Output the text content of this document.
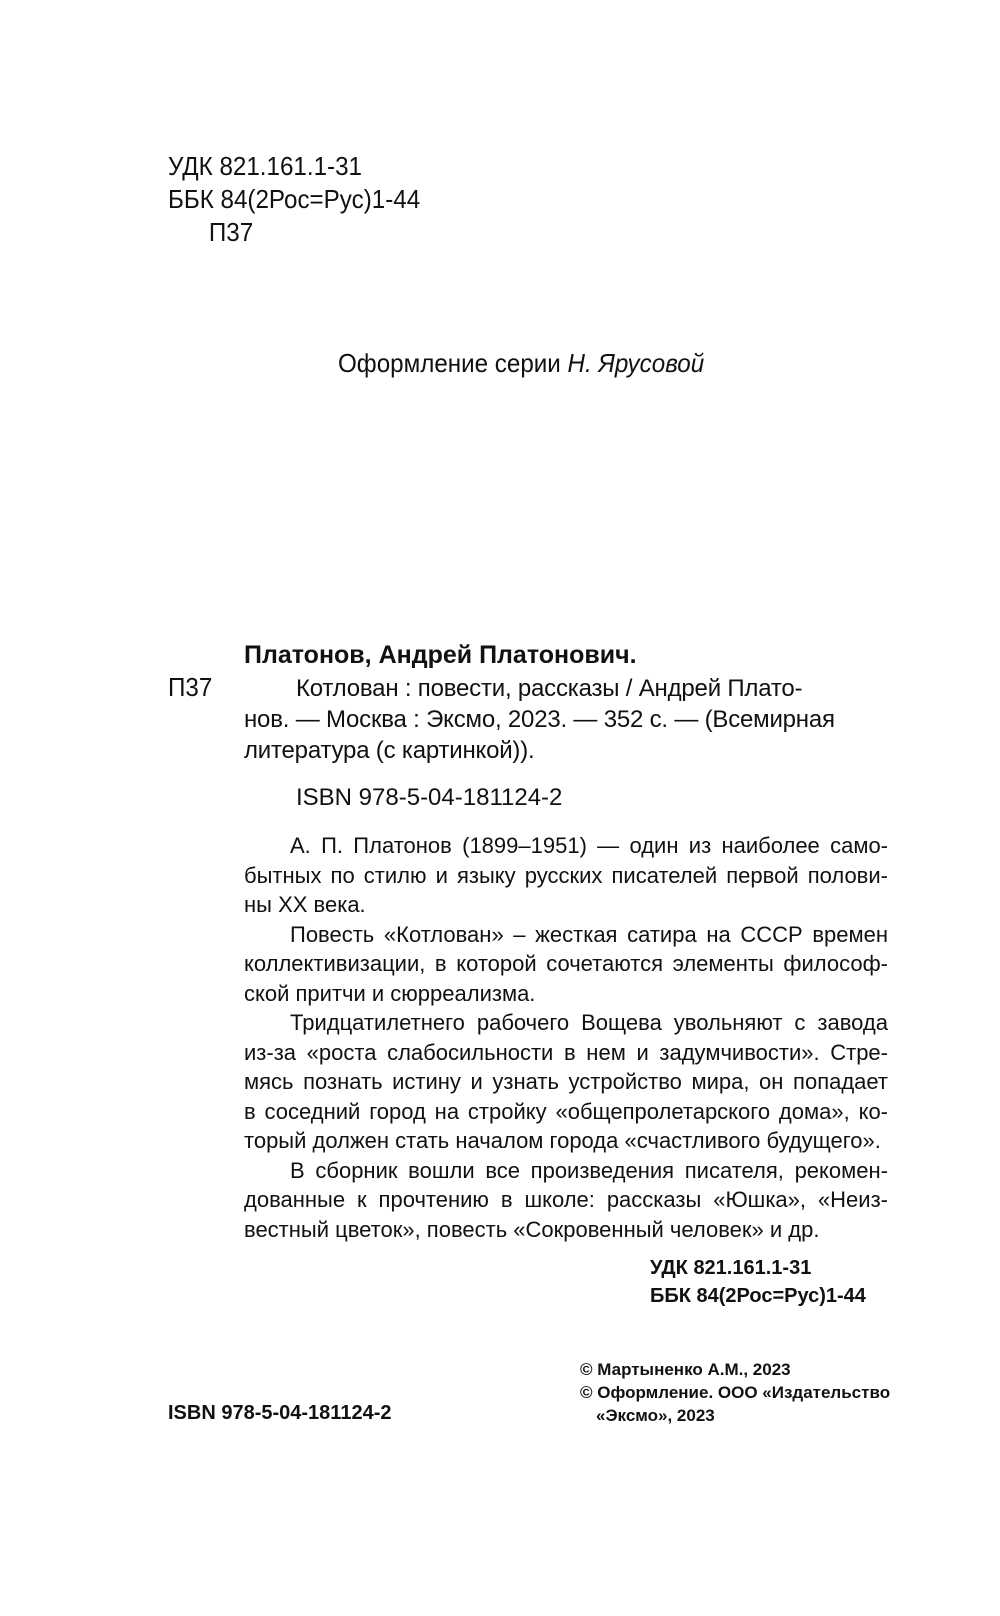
УДК 821.161.1-31
ББК 84(2Рос=Рус)1-44
П37
Оформление серии Н. Ярусовой
П37
Платонов, Андрей Платонович.
Котлован : повести, рассказы / Андрей Плато-
нов. — Москва : Эксмо, 2023. — 352 с. — (Всемирная
литература (с картинкой)).
ISBN 978-5-04-181124-2
А. П. Платонов (1899–1951) — один из наиболее само-
бытных по стилю и языку русских писателей первой полови-
ны XX века.
Повесть «Котлован» – жесткая сатира на СССР времен
коллективизации, в которой сочетаются элементы философ-
ской притчи и сюрреализма.
Тридцатилетнего рабочего Вощева увольняют с завода
из-за «роста слабосильности в нем и задумчивости». Стре-
мясь познать истину и узнать устройство мира, он попадает
в соседний город на стройку «общепролетарского дома», ко-
торый должен стать началом города «счастливого будущего».
В сборник вошли все произведения писателя, рекомен-
дованные к прочтению в школе: рассказы «Юшка», «Неиз-
вестный цветок», повесть «Сокровенный человек» и др.
УДК 821.161.1-31
ББК 84(2Рос=Рус)1-44
© Мартыненко А.М., 2023
© Оформление. ООО «Издательство
«Эксмо», 2023
ISBN 978-5-04-181124-2
